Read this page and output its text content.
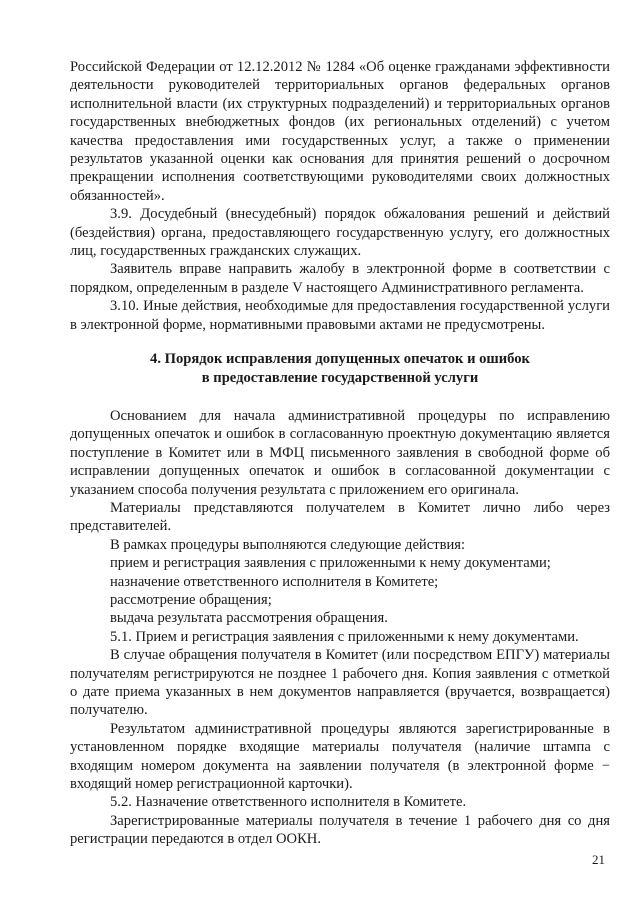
Российской Федерации от 12.12.2012 № 1284 «Об оценке гражданами эффективности деятельности руководителей территориальных органов федеральных органов исполнительной власти (их структурных подразделений) и территориальных органов государственных внебюджетных фондов (их региональных отделений) с учетом качества предоставления ими государственных услуг, а также о применении результатов указанной оценки как основания для принятия решений о досрочном прекращении исполнения соответствующими руководителями своих должностных обязанностей».

3.9. Досудебный (внесудебный) порядок обжалования решений и действий (бездействия) органа, предоставляющего государственную услугу, его должностных лиц, государственных гражданских служащих.

Заявитель вправе направить жалобу в электронной форме в соответствии с порядком, определенным в разделе V настоящего Административного регламента.

3.10. Иные действия, необходимые для предоставления государственной услуги в электронной форме, нормативными правовыми актами не предусмотрены.

4. Порядок исправления допущенных опечаток и ошибок
в предоставление государственной услуги

Основанием для начала административной процедуры по исправлению допущенных опечаток и ошибок в согласованную проектную документацию является поступление в Комитет или в МФЦ письменного заявления в свободной форме об исправлении допущенных опечаток и ошибок в согласованной документации с указанием способа получения результата с приложением его оригинала.

Материалы представляются получателем в Комитет лично либо через представителей.

В рамках процедуры выполняются следующие действия:

прием и регистрация заявления с приложенными к нему документами;

назначение ответственного исполнителя в Комитете;

рассмотрение обращения;

выдача результата рассмотрения обращения.

5.1. Прием и регистрация заявления с приложенными к нему документами.

В случае обращения получателя в Комитет (или посредством ЕПГУ) материалы получателям регистрируются не позднее 1 рабочего дня. Копия заявления с отметкой о дате приема указанных в нем документов направляется (вручается, возвращается) получателю.

Результатом административной процедуры являются зарегистрированные в установленном порядке входящие материалы получателя (наличие штампа с входящим номером документа на заявлении получателя (в электронной форме − входящий номер регистрационной карточки).

5.2. Назначение ответственного исполнителя в Комитете.

Зарегистрированные материалы получателя в течение 1 рабочего дня со дня регистрации передаются в отдел ООКН.

21
